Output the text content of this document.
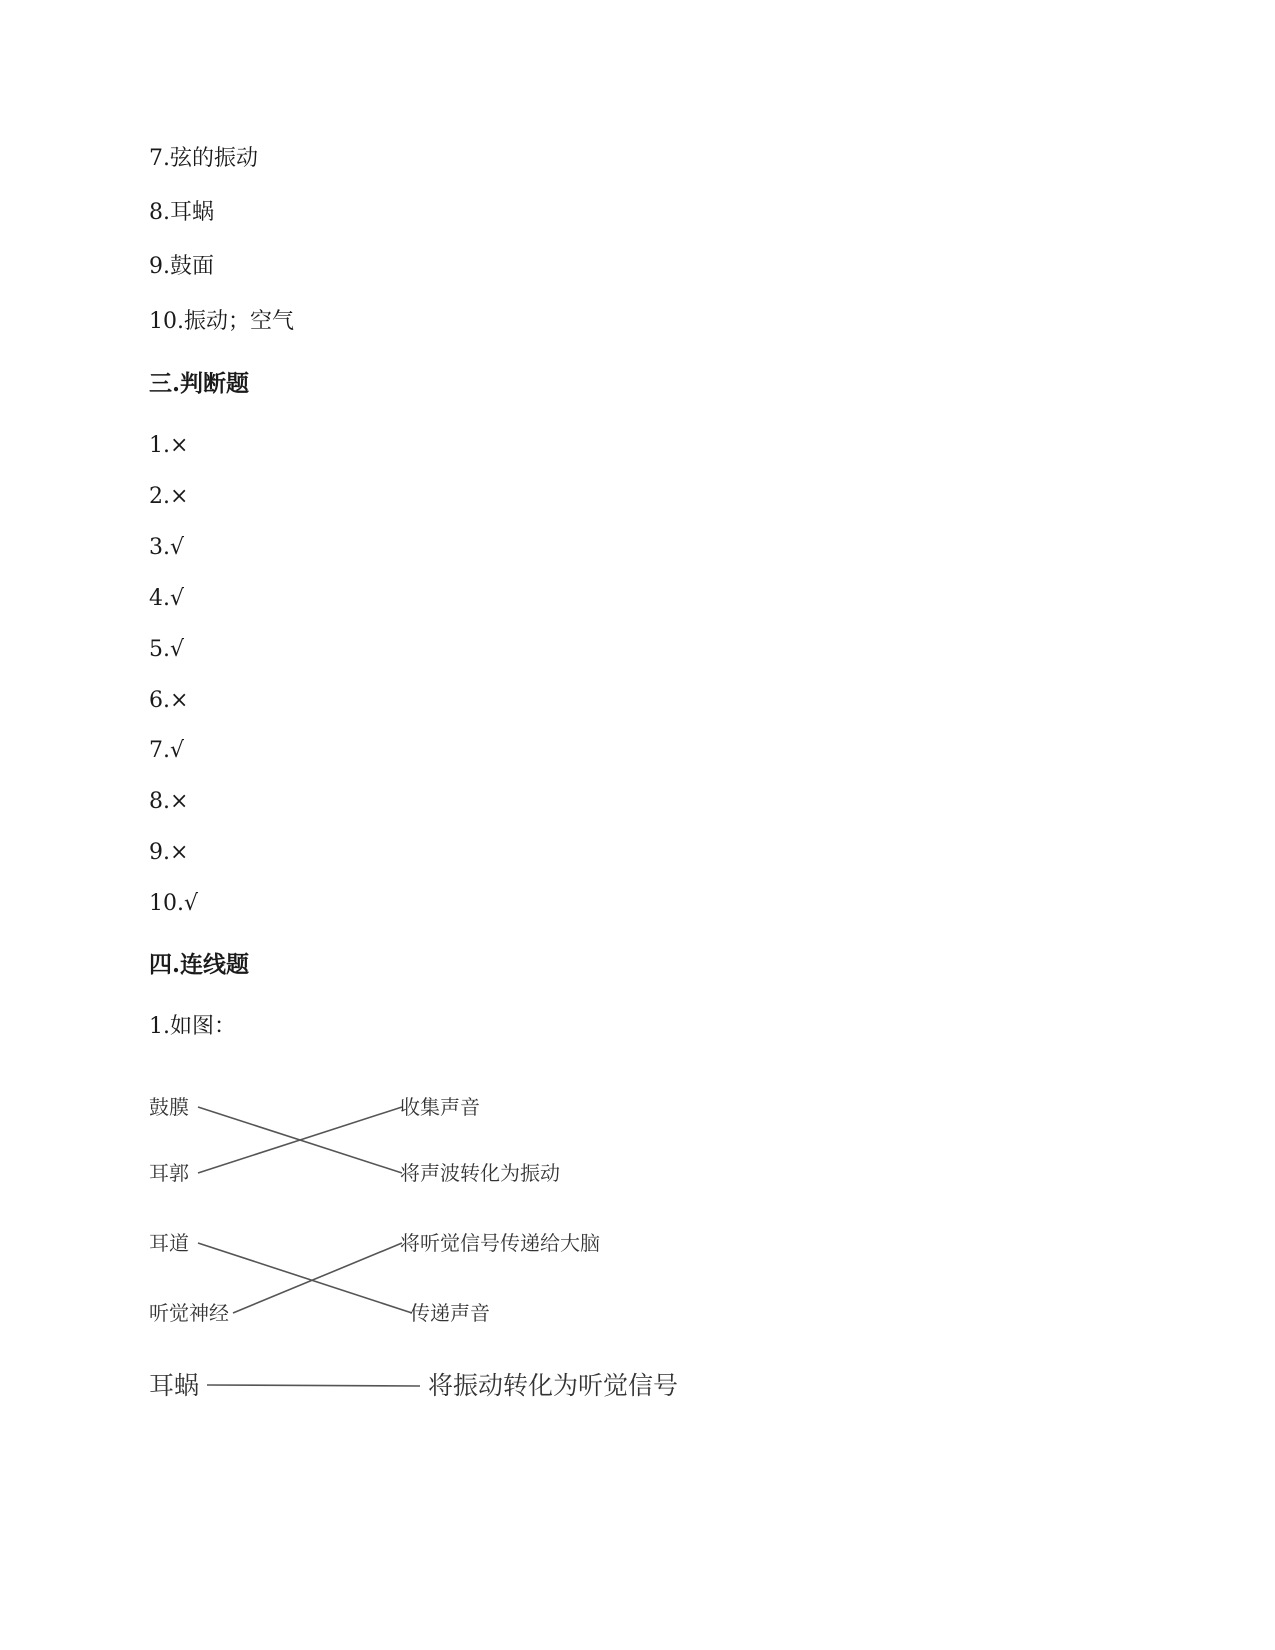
7.弦的振动
8.耳蜗
9.鼓面
10.振动；空气
三.判断题
1.×
2.×
3.√
4.√
5.√
6.×
7.√
8.×
9.×
10.√
四.连线题
1.如图：
鼓膜
耳郭
耳道
听觉神经
耳蜗
收集声音
将声波转化为振动
将听觉信号传递给大脑
传递声音
将振动转化为听觉信号
